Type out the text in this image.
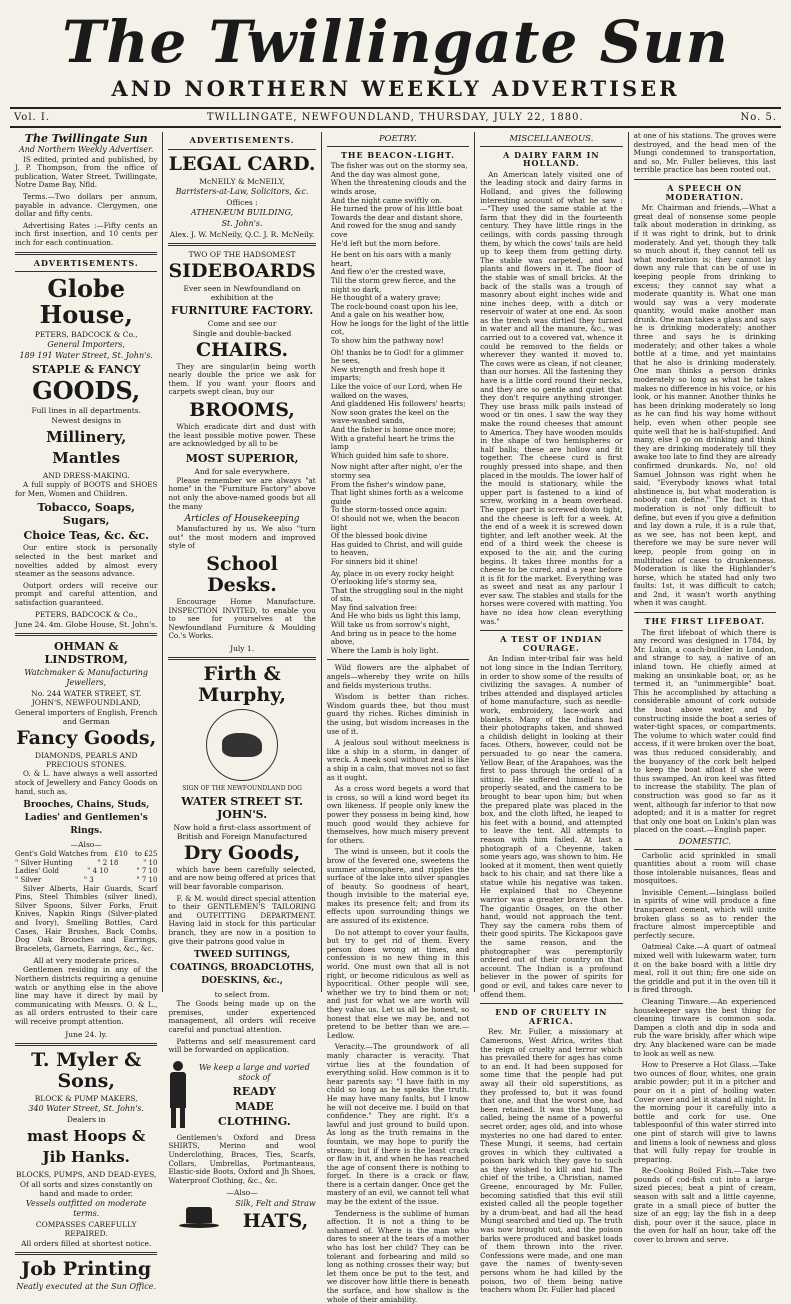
The Twillingate Sun
AND NORTHERN WEEKLY ADVERTISER
Vol. I.	TWILLINGATE, NEWFOUNDLAND, THURSDAY, JULY 22, 1880.	No. 5.
The Twillingate Sun
And Northern Weekly Advertiser.

IS edited, printed and published, by J. P. Thompson, from the office of publication, Water Street, Twillingate, Notre Dame Bay, Nfld.

Terms.—Two dollars per annum, payable in advance. Clergymen, one dollar and fifty cents.

Advertising Rates :—Fifty cents an inch first insertion, and 10 cents per inch for each continuation.

ADVERTISEMENTS.
Globe House,
PETERS, BADCOCK & Co.,
General Importers,
189 191 Water Street, St. John's.
STAPLE & FANCY
GOODS,
Full lines in all departments.
Newest designs in
Millinery, Mantles
AND DRESS-MAKING.

A full supply of BOOTS and SHOES for Men, Women and Children.

Tobacco, Soaps, Sugars,
Choice Teas, &c. &c.

Our entire stock is personally selected in the best market and novelties added by almost every steamer as the seasons advance.

Outport orders will receive our prompt and careful attention, and satisfaction guaranteed.

PETERS, BADCOCK & Co.,
June 24. 4m. Globe House, St. John's.
OHMAN & LINDSTROM,
Watchmaker & Manufacturing Jewellers,
No. 244 WATER STREET, ST. JOHN'S, NEWFOUNDLAND,
General importers of English, French and German
Fancy Goods,
DIAMONDS, PEARLS AND PRECIOUS STONES.

O. & L. have always a well assorted stock of Jewellery and Fancy Goods on hand, such as,

Brooches, Chains, Studs, Ladies' and Gentlemen's Rings.
—Also—
Gent's Gold Watches from £10 to £25
" Silver Hunting	" 2 18	" 10
Ladies' Gold	" 4 10	" 7 10
" Silver	" 3	" 7 10

Silver Alberts, Hair Guards, Scarf Pins, Steel Thimbles (silver lined), Silver Spoons, Silver Forks, Fruit Knives, Napkin Rings (Silver-plated and Ivory), Smelling Bottles, Card Cases, Hair Brushes, Back Combs, Dog Oak Brooches and Earrings, Bracelets, Garnets, Earrings, &c., &c.

All at very moderate prices.

Gentlemen residing in any of the Northern districts requiring a genuine watch or anything else in the above line may have it direct by mail by communicating with Messrs. O. & L., as all orders entrusted to their care will receive prompt attention.

June 24. ly.
T. Myler & Sons,
BLOCK & PUMP MAKERS,
340 Water Street, St. John's.
Dealers in
mast Hoops & Jib Hanks.
BLOCKS, PUMPS, AND DEAD-EYES,
Of all sorts and sizes constantly on hand and made to order.
Vessels outfitted on moderate terms.
COMPASSES CAREFULLY REPAIRED.
All orders filled at shortest notice.
Job Printing
Neatly executed at the Sun Office.
ADVERTISEMENTS.
LEGAL CARD.
McNEILY & McNEILY,
Barristers-at-Law, Solicitors, &c.
Offices :
ATHENÆUM BUILDING,
St. John's.
Alex. J. W. McNeily, Q.C. J. R. McNeily.
TWO OF THE HADSOMEST
SIDEBOARDS
Ever seen in Newfoundland on exhibition at the
FURNITURE FACTORY.
Come and see our
Single and double-backed
CHAIRS.

They are singular(in being worth nearly double the price we ask for them. If you want your floors and carpets swept clean, buy our

BROOMS,

Which eradicate dirt and dust with the least possible motive power. These are acknowledged by all to be

MOST SUPERIOR,
And for sale everywhere.

Please remember we are always "at home" in the "Furniture Factory" above not only the above-named goods but all the many

Articles of Housekeeping

Manufactured by us. We also "turn out" the most modern and improved style of

School Desks.

Encourage Home Manufacture. INSPECTION INVITED, to enable you to see for yourselves at the Newfoundland Furniture & Moulding Co.'s Works.

July 1.
Firth & Murphy,
SIGN OF THE NEWFOUNDLAND DOG
WATER STREET ST. JOHN'S.
Now hold a first-class assortment of British and Foreign Manufactured
Dry Goods,

which have been carefully selected, and are now being offered at prices that will bear favorable comparison.

F. & M. would direct special attention to their GENTLEMEN'S TAILORING and OUTFITTING DEPARTMENT. Having laid in stock for this particular branch, they are now in a position to give their patrons good value in

TWEED SUITINGS, COATINGS, BROADCLOTHS, DOESKINS, &c.,
to select from.

The Goods being made up on the premises, under experienced management, all orders will receive careful and punctual attention.

Patterns and self measurement card will be forwarded on application.

We keep a large and varied stock of
READY
MADE
CLOTHING.

Gentlemen's Oxford and Dress SHIRTS, Merino and wool Underclothing, Braces, Ties, Scarfs, Collars, Umbrellas, Portmanteaus, Elastic-side Boots, Oxford and Jh Shoes, Waterproof Clothing, &c., &c.

—Also—
Silk, Felt and Straw
HATS,
POETRY.
THE BEACON-LIGHT.
The fisher was out on the stormy sea,
And the day was almost gone,
When the threatening clouds and the winds arose,
And the night came swiftly on.
He turned the prow of his little boat
Towards the dear and distant shore,
And rowed for the snug and sandy cove
He'd left but the morn before.
He bent on his oars with a manly heart,
And flew o'er the crested wave,
Till the storm grew fierce, and the night so dark,
He thought of a watery grave;
The rock-bound coast upon his lee,
And a gale on his weather bow,
How he longs for the light of the little cot,
To show him the pathway now!
Oh! thanks be to God! for a glimmer he sees,
New strength and fresh hope it imparts;
Like the voice of our Lord, when He walked on the waves,
And gladdened His followers' hearts;
Now soon grates the keel on the wave-washed sands,
And the fisher is home once more;
With a grateful heart he trims the lamp
Which guided him safe to shore.
Now night after after night, o'er the stormy sea
From the fisher's window pane,
That light shines forth as a welcome guide
To the storm-tossed once again:
O! should not we, when the beacon light
Of the blessed book divine
Has guided to Christ, and will guide to heaven,
For sinners bid it shine!
Ay, place in on every rocky height
O'erlooking life's stormy sea,
That the struggling soul in the night of sin,
May find salvation free:
And He who bids us light this lamp,
Will take us from sorrow's night,
And bring us in peace to the home above,
Where the Lamb is holy light.

Wild flowers are the alphabet of angels—whereby they write on hills and fields mysterious truths.

Wisdom is better than riches. Wisdom guards thee, but thou must guard thy riches. Riches diminish in the using, but wisdom increases in the use of it.

A jealous soul without meekness is like a ship in a storm, in danger of wreck. A meek soul without zeal is like a ship in a calm, that moves not so fast as it ought.

As a cross word begets a word that is cross, so will a kind word beget its own likeness. If people only knew the power they possess in being kind, how much good would they achieve for themselves, how much misery prevent for others.

The wind is unseen, but it cools the brow of the fevered one, sweetens the summer atmosphere, and ripples the surface of the lake into silver spangles of beauty. So goodness of heart, though invisible to the material eye, makes its presence felt; and from its effects upon surrounding things we are assured of its existence.

Do not attempt to cover your faults, but try to get rid of them. Every person does wrong at times, and confession is no new thing in this world. One must own that all is not right, or become ridiculous as well as hypocritical. Other people will see, whether we try to bind them or not; and just for what we are worth will they value us. Let us all be honest, so honest that else we may be, and not pretend to be better than we are.—Ledlow.

Veracity.—The groundwork of all manly character is veracity. That virtue lies at the foundation of everything solid. How common is it to hear parents say: "I have faith in my child so long as he speaks the truth. He may have many faults, but I know he will not deceive me. I build on that confidence." They are right. It's a lawful and just ground to build upon. As long as the truth remains in the fountain, we may hope to purify the stream; but if there is the least crack or flaw in it, and when he has reached the age of consent there is nothing to forget. In there is a crack or flaw, there is a certain danger. Once get the mastery of an evil, we cannot tell what may be the extent of the issue.

Tenderness is the sublime of human affection. It is not a thing to be ashamed of. Where is the man who dares to sneer at the tears of a mother who has lost her child? They can be tolerant and forbearing and mild so long as nothing crosses their way; but let them once be put to the test, and we discover how little there is beneath the surface, and how shallow is the whole of their amiability.

MISCELLANEOUS.
A DAIRY FARM IN HOLLAND.

An American lately visited one of the leading stock and dairy farms in Holland, and gives the following interesting account of what he saw :—"They used the same stable at the farm that they did in the fourteenth century. They have little rings in the ceilings, with cords passing through them, by which the cows' tails are held up to keep them from getting dirty. The stable was carpeted, and had plants and flowers in it. The floor of the stable was of small bricks. At the back of the stalls was a trough of masonry about eight inches wide and nine inches deep, with a ditch or reservoir of water at one end. As soon as the trench was dirtied they turned in water and all the manure, &c., was carried out to a covered vat, whence it could be removed to the fields or wherever they wanted it moved to. The cows were as clean, if not cleaner, than our horses. All the fastening they have is a little cord round their necks, and they are so gentle and quiet that they don't require anything stronger. They use brass milk pails instead of wood or tin ones. I saw the way they make the round cheeses that amount to America. They have wooden moulds in the shape of two hemispheres or half balls; these are hollow and fit together. The cheese curd is first roughly pressed into shape, and then placed in the moulds. The lower half of the mould is stationary, while the upper part is fastened to a kind of screw, working in a beam overhead. The upper part is screwed down tight, and the cheese is left for a week. At the end of a week it is screwed down tighter, and left another week. At the end of a third week the cheese is exposed to the air, and the curing begins. It takes three months for a cheese to be cured, and a year before it is fit for the market. Everything was as sweet and neat as any parlour I ever saw. The stables and stalls for the horses were covered with matting. You have no idea how clean everything was."

A TEST OF INDIAN COURAGE.

An Indian inter-tribal fair was held not long since in the Indian Territory, in order to show some of the results of civilizing the savages. A number of tribes attended and displayed articles of home manufacture, such as needle-work, embroidery, lace-work and blankets. Many of the Indians had their photographs taken, and showed a childish delight in looking at their faces. Others, however, could not be persuaded to go near the camera. Yellow Bear, of the Arapahoes, was the first to pass through the ordeal of a sitting. He suffered himself to be properly seated, and the camera to be brought to bear upon him; but when the prepared plate was placed in the box, and the cloth lifted, he leaped to his feet with a bound, and attempted to leave the tent. All attempts to reason with him failed. At last a photograph of a Cheyenne, taken some years ago, was shown to him. He looked at it moment, then went quietly back to his chair, and sat there like a statue while his negative was taken. He explained that no Cheyenne warrior was a greater brave than he. The gigantic Osages, on the other hand, would not approach the tent. They say the camera robs them of their good spirits. The Kickapoos gave the same reason, and the photographer was peremptorily ordered out of their country on that account. The Indian is a profound believer in the power of spirits for good or evil, and takes care never to offend them.

END OF CRUELTY IN AFRICA.

Rev. Mr. Fuller, a missionary at Cameroons, West Africa, writes that the reign of cruelty and terror which has prevailed there for ages has come to an end. It had been supposed for some time that the people had put away all their old superstitions, as they professed to, but it was found that one, and that the worst one, had been retained. It was the Mungi, so called, being the name of a powerful secret order, ages old, and into whose mysteries no one had dared to enter. These Mungi, it seems, had certain groves in which they cultivated a poison bark which they gave to such as they wished to kill and hid. The chief of the tribe, a Christian, named Greene, encouraged by Mr. Fuller, becoming satisfied that this evil still existed called all the people together by a drum-beat, and had all the head Mungi searched and tied up. The truth was now brought out, and the poison barks were produced and basket loads of them thrown into the river. Confessions were made, and one man gave the names of twenty-seven persons whom he had killed by the poison, two of them being native teachers whom Dr. Fuller had placed

at one of his stations. The groves were destroyed, and the head men of the Mungi condemned to transportation, and so, Mr. Fuller believes, this last terrible practice has been rooted out.

A SPEECH ON MODERATION.

Mr. Chairman and friends,—What a great deal of nonsense some people talk about moderation in drinking, as if it was right to drink, but to drink moderately. And yet, though they talk so much about it, they cannot tell us what moderation is; they cannot lay down any rule that can be of use in keeping people from drinking to excess; they cannot say what a moderate quantity is. What one man would say was a very moderate quantity, would make another man drunk. One man takes a glass and says he is drinking moderately; another three and says he is drinking moderately; and other takes a whole bottle at a time, and yet maintains that he also is drinking moderately. One man thinks a person drinks moderately so long as what he takes makes no difference in his voice, or his look, or his manner. Another thinks he has been drinking moderately so long as he can find his way home without help, even when other people see quite well that he is half-stupified. And many, else I go on drinking and think they are drinking moderately till they awake too late to find they are already confirmed drunkards. No, no! old Samuel Johnson was right when he said, "Everybody knows what total abstinence is, but what moderation is nobody can define." The fact is that moderation is not only difficult to define, but even if you give a definition and lay down a rule, it is a rule that, as we see, has not been kept, and therefore we may be sure never will keep, people from going on in multitudes of cases to drunkenness. Moderation is like the Highlander's horse, which he stated had only two faults: 1st, it was difficult to catch; and 2nd, it wasn't worth anything when it was caught.

THE FIRST LIFEBOAT.

The first lifeboat of which there is any record was designed in 1784, by Mr. Lukin, a coach-builder in London, and strange to say, a native of an inland town. He chiefly aimed at making an unsinkable boat, or, as he termed it, an "unimmergible" boat. This he accomplished by attaching a considerable amount of cork outside the boat above water, and by constructing inside the boat a series of water-tight spaces, or compartments. The volume to which water could find access, if it were broken over the boat, was thus reduced considerably, and the buoyancy of the cork belt helped to keep the boat afloat if she were thus swamped. An iron keel was fitted to increase the stability. The plan of construction was good so far as it went, although far inferior to that now adopted; and it is a matter for regret that only one boat on Lukin's plan was placed on the coast.—English paper.

DOMESTIC.

Carbolic acid sprinkled in small quantities about a room will chase those intolerable nuisances, fleas and mosquitoes.

Invisible Cement.—Isinglass boiled in spirits of wine will produce a fine transparent cement, which will unite broken glass so as to render the fracture almost imperceptible and perfectly secure.

Oatmeal Cake.—A quart of oatmeal mixed well with lukewarm water, turn it on the bake board with a little dry meal, roll it out thin; fire one side on the griddle and put it in the oven till it is fired through.

Cleaning Tinware.—An experienced housekeeper says the best thing for cleaning tinware is common soda. Dampen a cloth and dip in soda and rub the ware briskly, after which wipe dry. Any blackened ware can be made to look as well as new.

How to Preserve a Hot Glass.—Take two ounces of flour, whites, one grain arabic powder; put it in a pitcher and pour on it a pint of boiling water. Cover over and let it stand all night. In the morning pour it carefully into a bottle and cork for use. One tablespoonful of this water stirred into one pint of starch will give to lawns and linens a look of newness and gloss that will fully repay for trouble in preparing.

Re-Cooking Boiled Fish.—Take two pounds of cod-fish cut into a large-sized pieces; beat a pint of cream, season with salt and a little cayenne, grate in a small piece of butter the size of an egg; lay the fish in a deep dish, pour over it the sauce, place in the oven for half an hour, take off the cover to brown and serve.
